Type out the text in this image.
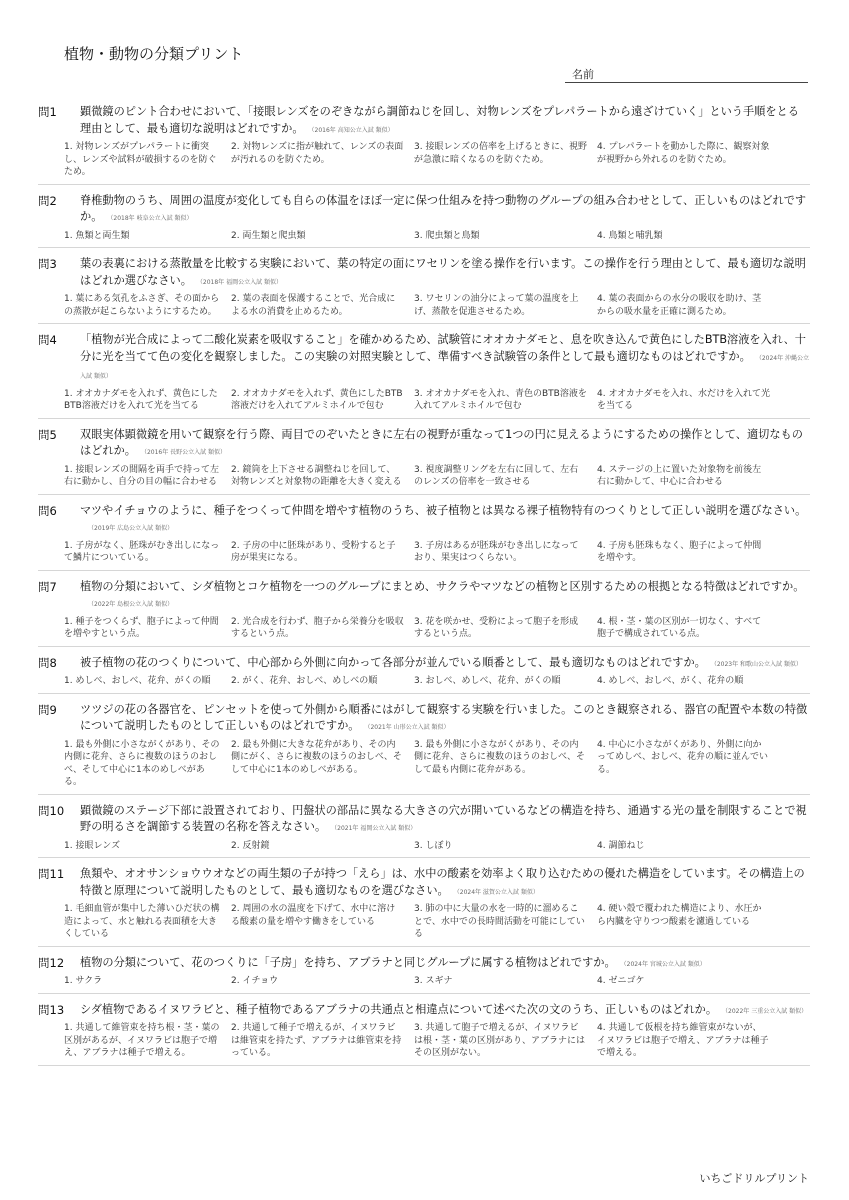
植物・動物の分類プリント
名前
問1	顕微鏡のピント合わせにおいて、「接眼レンズをのぞきながら調節ねじを回し、対物レンズをプレパラートから遠ざけていく」という手順をとる理由として、最も適切な説明はどれですか。 （2016年 高知公立入試 類似）
1. 対物レンズがプレパラートに衝突し、レンズや試料が破損するのを防ぐため。
2. 対物レンズに指が触れて、レンズの表面が汚れるのを防ぐため。
3. 接眼レンズの倍率を上げるときに、視野が急激に暗くなるのを防ぐため。
4. プレパラートを動かした際に、観察対象が視野から外れるのを防ぐため。
問2	脊椎動物のうち、周囲の温度が変化しても自らの体温をほぼ一定に保つ仕組みを持つ動物のグループの組み合わせとして、正しいものはどれですか。 （2018年 岐阜公立入試 類似）
1. 魚類と両生類	2. 両生類と爬虫類	3. 爬虫類と鳥類	4. 鳥類と哺乳類
問3	葉の表裏における蒸散量を比較する実験において、葉の特定の面にワセリンを塗る操作を行います。この操作を行う理由として、最も適切な説明はどれか選びなさい。 （2018年 福岡公立入試 類似）
1. 葉にある気孔をふさぎ、その面からの蒸散が起こらないようにするため。
2. 葉の表面を保護することで、光合成による水の消費を止めるため。
3. ワセリンの油分によって葉の温度を上げ、蒸散を促進させるため。
4. 葉の表面からの水分の吸収を助け、茎からの吸水量を正確に測るため。
問4	「植物が光合成によって二酸化炭素を吸収すること」を確かめるため、試験管にオオカナダモと、息を吹き込んで黄色にしたBTB溶液を入れ、十分に光を当てて色の変化を観察しました。この実験の対照実験として、準備すべき試験管の条件として最も適切なものはどれですか。 （2024年 沖縄公立入試 類似）
1. オオカナダモを入れず、黄色にしたBTB溶液だけを入れて光を当てる
2. オオカナダモを入れず、黄色にしたBTB溶液だけを入れてアルミホイルで包む
3. オオカナダモを入れ、青色のBTB溶液を入れてアルミホイルで包む
4. オオカナダモを入れ、水だけを入れて光を当てる
問5	双眼実体顕微鏡を用いて観察を行う際、両目でのぞいたときに左右の視野が重なって1つの円に見えるようにするための操作として、適切なものはどれか。 （2016年 長野公立入試 類似）
1. 接眼レンズの間隔を両手で持って左右に動かし、自分の目の幅に合わせる
2. 鏡筒を上下させる調整ねじを回して、対物レンズと対象物の距離を大きく変える
3. 視度調整リングを左右に回して、左右のレンズの倍率を一致させる
4. ステージの上に置いた対象物を前後左右に動かして、中心に合わせる
問6	マツやイチョウのように、種子をつくって仲間を増やす植物のうち、被子植物とは異なる裸子植物特有のつくりとして正しい説明を選びなさい。（2019年 広島公立入試 類似）
1. 子房がなく、胚珠がむき出しになって鱗片についている。
2. 子房の中に胚珠があり、受粉すると子房が果実になる。
3. 子房はあるが胚珠がむき出しになっており、果実はつくらない。
4. 子房も胚珠もなく、胞子によって仲間を増やす。
問7	植物の分類において、シダ植物とコケ植物を一つのグループにまとめ、サクラやマツなどの植物と区別するための根拠となる特徴はどれですか。（2022年 島根公立入試 類似）
1. 種子をつくらず、胞子によって仲間を増やすという点。
2. 光合成を行わず、胞子から栄養分を吸収するという点。
3. 花を咲かせ、受粉によって胞子を形成するという点。
4. 根・茎・葉の区別が一切なく、すべて胞子で構成されている点。
問8	被子植物の花のつくりについて、中心部から外側に向かって各部分が並んでいる順番として、最も適切なものはどれですか。 （2023年 和歌山公立入試 類似）
1. めしべ、おしべ、花弁、がくの順	2. がく、花弁、おしべ、めしべの順	3. おしべ、めしべ、花弁、がくの順	4. めしべ、おしべ、がく、花弁の順
問9	ツツジの花の各器官を、ピンセットを使って外側から順番にはがして観察する実験を行いました。このとき観察される、器官の配置や本数の特徴について説明したものとして正しいものはどれですか。 （2021年 山形公立入試 類似）
1. 最も外側に小さながくがあり、その内側に花弁、さらに複数のほうのおしべ、そして中心に1本のめしべがある。
2. 最も外側に大きな花弁があり、その内側にがく、さらに複数のほうのおしべ、そして中心に1本のめしべがある。
3. 最も外側に小さながくがあり、その内側に花弁、さらに複数のほうのおしべ、そして最も内側に花弁がある。
4. 中心に小さながくがあり、外側に向かってめしべ、おしべ、花弁の順に並んでいる。
問10	顕微鏡のステージ下部に設置されており、円盤状の部品に異なる大きさの穴が開いているなどの構造を持ち、通過する光の量を制限することで視野の明るさを調節する装置の名称を答えなさい。 （2021年 福岡公立入試 類似）
1. 接眼レンズ	2. 反射鏡	3. しぼり	4. 調節ねじ
問11	魚類や、オオサンショウウオなどの両生類の子が持つ「えら」は、水中の酸素を効率よく取り込むための優れた構造をしています。その構造上の特徴と原理について説明したものとして、最も適切なものを選びなさい。 （2024年 滋賀公立入試 類似）
1. 毛細血管が集中した薄いひだ状の構造によって、水と触れる表面積を大きくしている
2. 周囲の水の温度を下げて、水中に溶ける酸素の量を増やす働きをしている
3. 肺の中に大量の水を一時的に溜めることで、水中での長時間活動を可能にしている
4. 硬い殻で覆われた構造により、水圧から内臓を守りつつ酸素を濾過している
問12	植物の分類について、花のつくりに「子房」を持ち、アブラナと同じグループに属する植物はどれですか。 （2024年 宮城公立入試 類似）
1. サクラ	2. イチョウ	3. スギナ	4. ゼニゴケ
問13	シダ植物であるイヌワラビと、種子植物であるアブラナの共通点と相違点について述べた次の文のうち、正しいものはどれか。 （2022年 三重公立入試 類似）
1. 共通して維管束を持ち根・茎・葉の区別があるが、イヌワラビは胞子で増え、アブラナは種子で増える。
2. 共通して種子で増えるが、イヌワラビは維管束を持たず、アブラナは維管束を持っている。
3. 共通して胞子で増えるが、イヌワラビは根・茎・葉の区別があり、アブラナにはその区別がない。
4. 共通して仮根を持ち維管束がないが、イヌワラビは胞子で増え、アブラナは種子で増える。
いちごドリルプリント
